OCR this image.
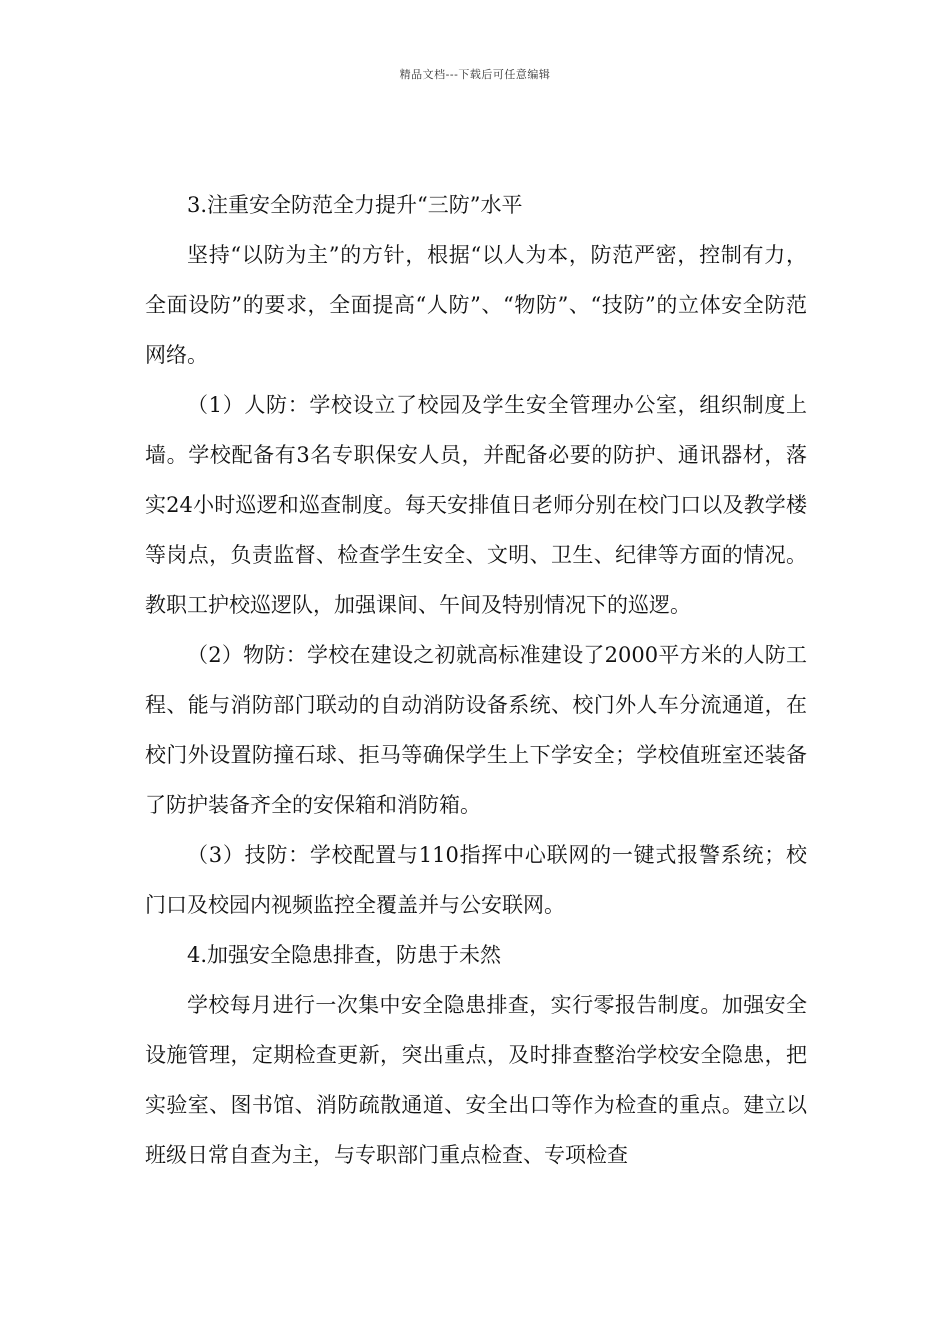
精品文档---下载后可任意编辑

3.注重安全防范全力提升“三防”水平

坚持“以防为主”的方针，根据“以人为本，防范严密，控制有力，全面设防”的要求，全面提高“人防”、“物防”、“技防”的立体安全防范网络。

（1）人防：学校设立了校园及学生安全管理办公室，组织制度上墙。学校配备有3名专职保安人员，并配备必要的防护、通讯器材，落实24小时巡逻和巡查制度。每天安排值日老师分别在校门口以及教学楼等岗点，负责监督、检查学生安全、文明、卫生、纪律等方面的情况。教职工护校巡逻队，加强课间、午间及特别情况下的巡逻。

（2）物防：学校在建设之初就高标准建设了2000平方米的人防工程、能与消防部门联动的自动消防设备系统、校门外人车分流通道，在校门外设置防撞石球、拒马等确保学生上下学安全；学校值班室还装备了防护装备齐全的安保箱和消防箱。

（3）技防：学校配置与110指挥中心联网的一键式报警系统；校门口及校园内视频监控全覆盖并与公安联网。

4.加强安全隐患排查，防患于未然

学校每月进行一次集中安全隐患排查，实行零报告制度。加强安全设施管理，定期检查更新，突出重点，及时排查整治学校安全隐患，把实验室、图书馆、消防疏散通道、安全出口等作为检查的重点。建立以班级日常自查为主，与专职部门重点检查、专项检查
